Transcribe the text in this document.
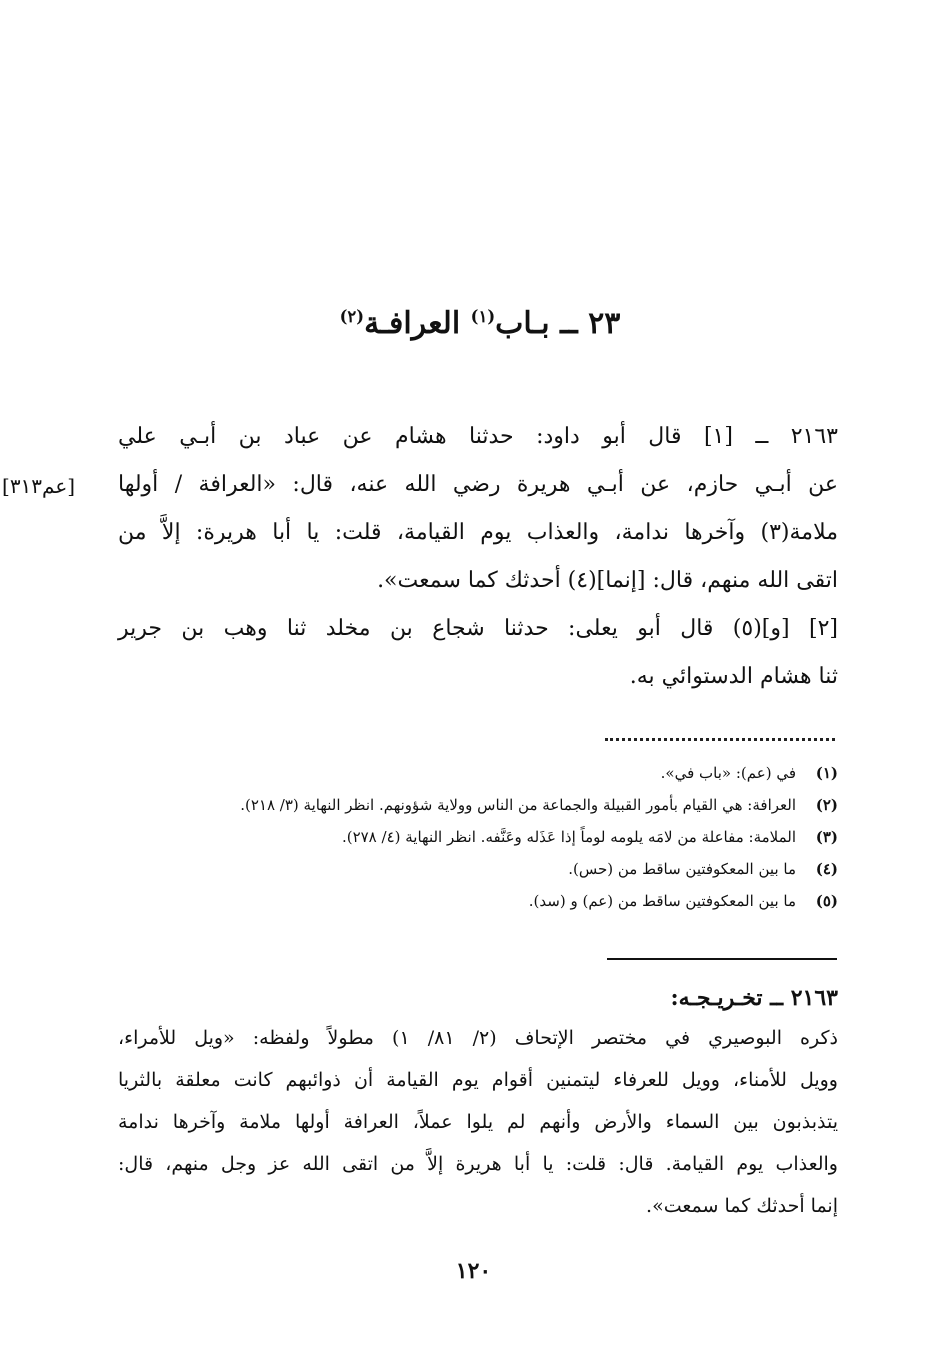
٢٣ ــ بـاب$^{(١)}$ العرافـة$^{(٢)}$
٢١٦٣ ــ [١] قال أبو داود: حدثنا هشام عن عباد بن أبـي علي
عن أبـي حازم، عن أبـي هريرة رضي الله عنه، قال: «العرافة / أولها
ملامة(٣) وآخرها ندامة، والعذاب يوم القيامة، قلت: يا أبا هريرة: إلاَّ من
اتقى الله منهم، قال: [إنما](٤) أحدثك كما سمعت».
[٢] [و](٥) قال أبو يعلى: حدثنا شجاع بن مخلد ثنا وهب بن جرير
ثنا هشام الدستوائي به.
[عم٣١٣]
(١)
في (عم): «باب في».
(٢)
العرافة: هي القيام بأمور القبيلة والجماعة من الناس وولاية شؤونهم. انظر النهاية (٣/ ٢١٨).
(٣)
الملامة: مفاعلة من لامَه يلومه لوماً إذا عَذَله وعَنَّفه. انظر النهاية (٤/ ٢٧٨).
(٤)
ما بين المعكوفتين ساقط من (حس).
(٥)
ما بين المعكوفتين ساقط من (عم) و (سد).
٢١٦٣ ــ تخـريـجـه:
ذكره البوصيري في مختصر الإتحاف (٢/ ٨١/ ١) مطولاً ولفظه: «ويل للأمراء،
وويل للأمناء، وويل للعرفاء ليتمنين أقوام يوم القيامة أن ذوائبهم كانت معلقة بالثريا
يتذبذبون بين السماء والأرض وأنهم لم يلوا عملاً، العرافة أولها ملامة وآخرها ندامة
والعذاب يوم القيامة. قال: قلت: يا أبا هريرة إلاَّ من اتقى الله عز وجل منهم، قال:
إنما أحدثك كما سمعت».
١٢٠
